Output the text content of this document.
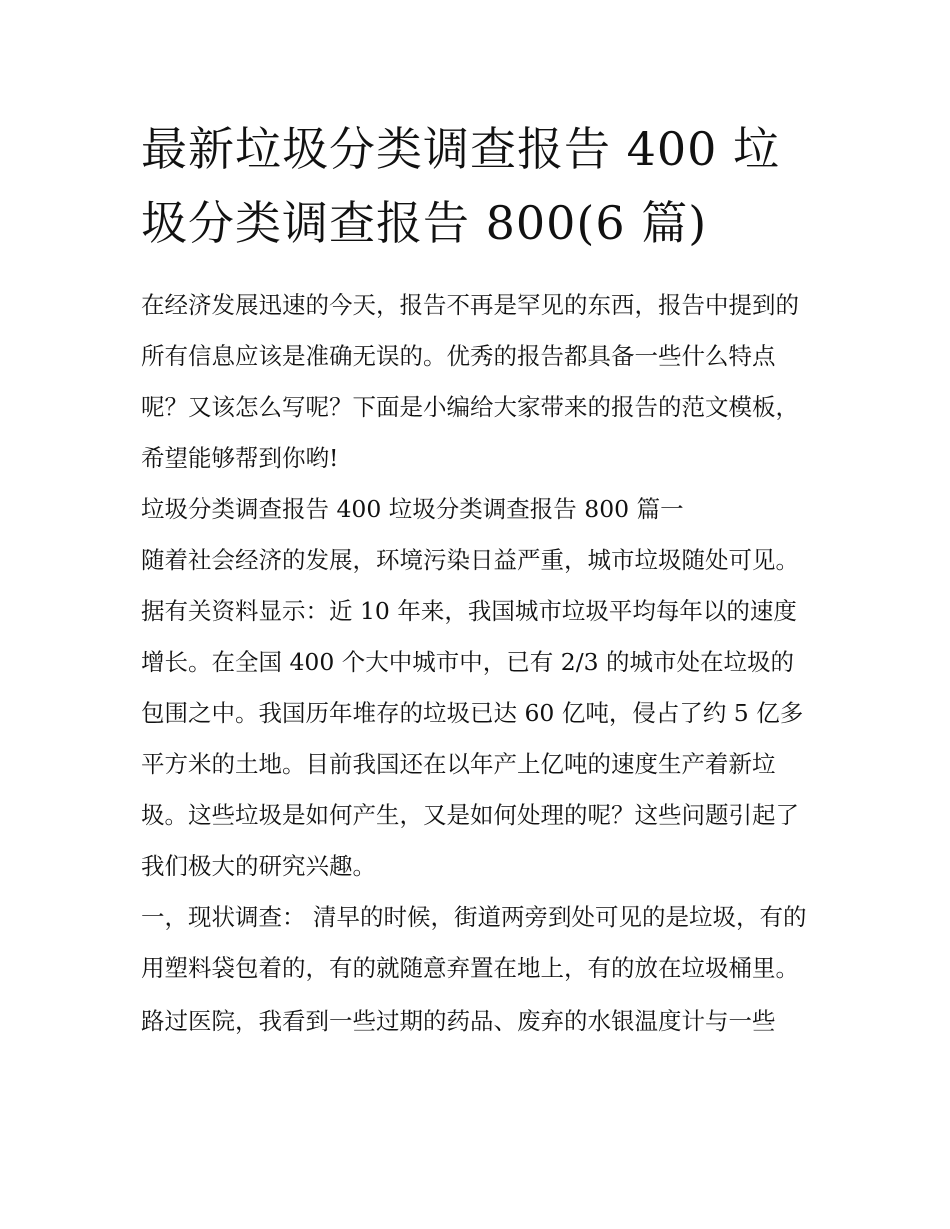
最新垃圾分类调查报告 400 垃
圾分类调查报告 800(6 篇)

在经济发展迅速的今天，报告不再是罕见的东西，报告中提到的所有信息应该是准确无误的。优秀的报告都具备一些什么特点呢？又该怎么写呢？下面是小编给大家带来的报告的范文模板，希望能够帮到你哟!

垃圾分类调查报告 400 垃圾分类调查报告 800 篇一

随着社会经济的发展，环境污染日益严重，城市垃圾随处可见。据有关资料显示：近 10 年来，我国城市垃圾平均每年以的速度增长。在全国 400 个大中城市中，已有 2/3 的城市处在垃圾的包围之中。我国历年堆存的垃圾已达 60 亿吨，侵占了约 5 亿多平方米的土地。目前我国还在以年产上亿吨的速度生产着新垃圾。这些垃圾是如何产生，又是如何处理的呢？这些问题引起了我们极大的研究兴趣。

一，现状调查： 清早的时候，街道两旁到处可见的是垃圾，有的用塑料袋包着的，有的就随意弃置在地上，有的放在垃圾桶里。

路过医院，我看到一些过期的药品、废弃的水银温度计与一些
